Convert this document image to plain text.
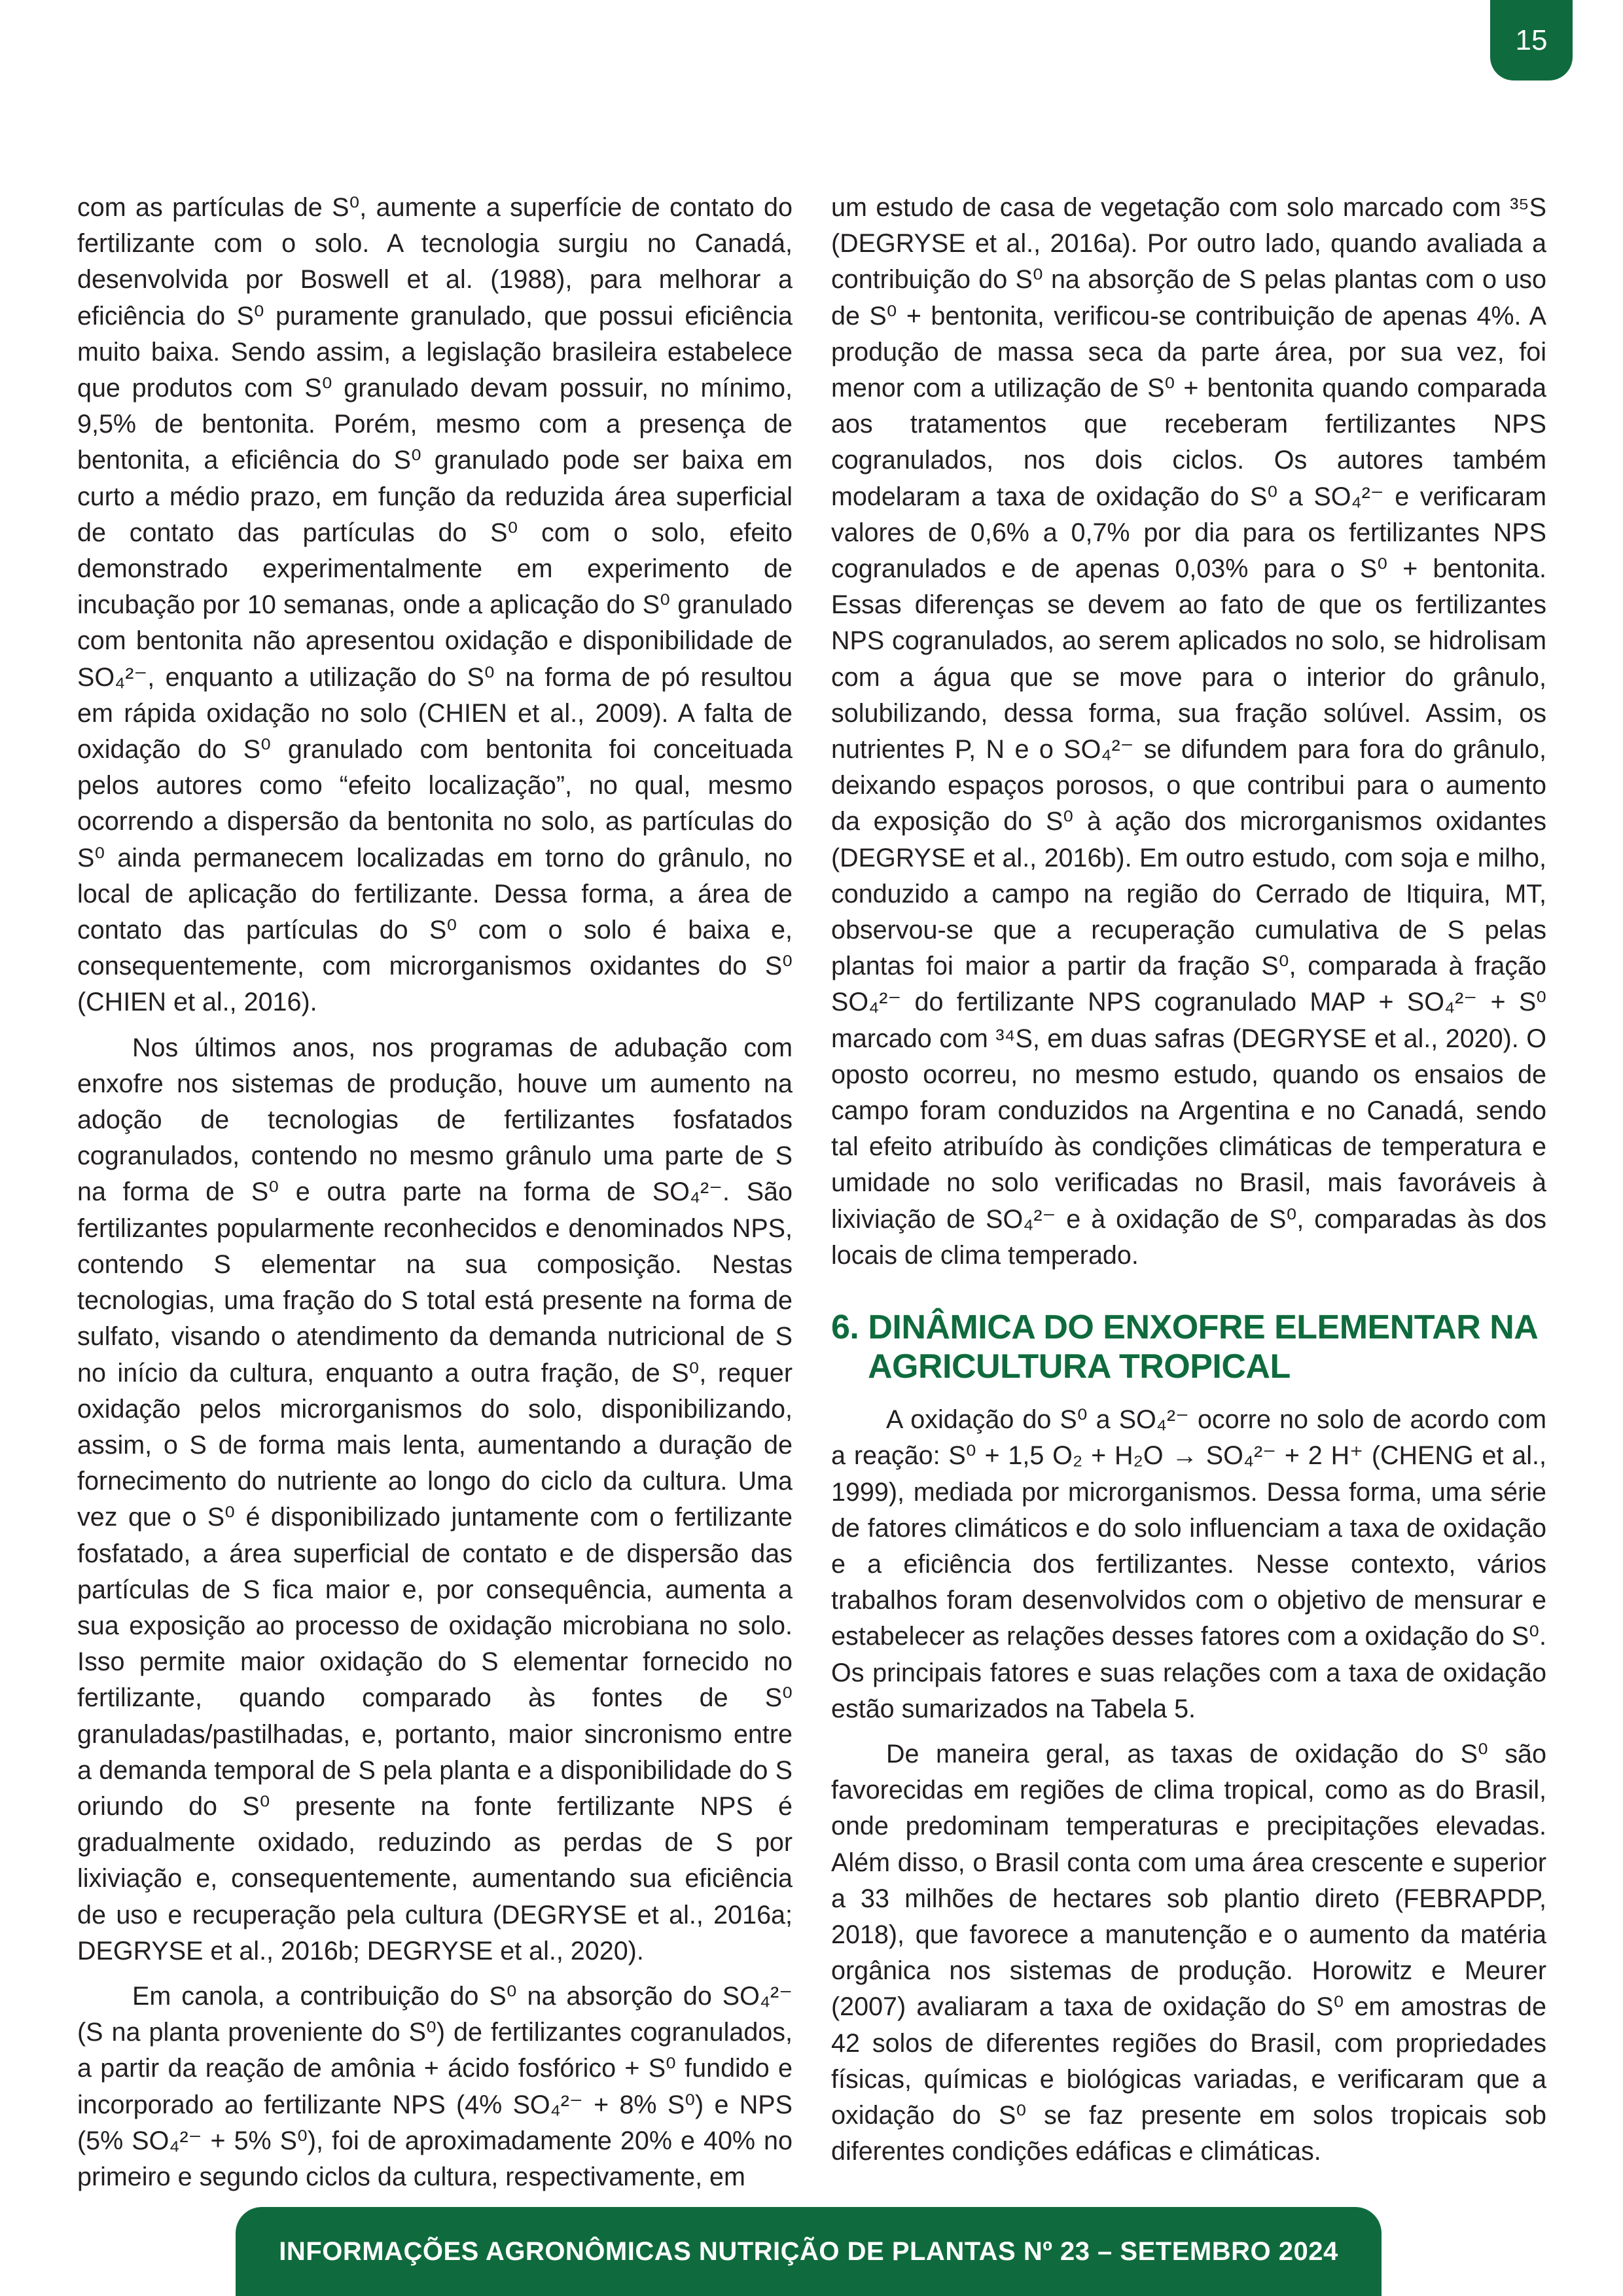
15

com as partículas de S⁰, aumente a superfície de contato do fertilizante com o solo. A tecnologia surgiu no Canadá, desenvolvida por Boswell et al. (1988), para melhorar a eficiência do S⁰ puramente granulado, que possui eficiência muito baixa. Sendo assim, a legislação brasileira estabelece que produtos com S⁰ granulado devam possuir, no mínimo, 9,5% de bentonita. Porém, mesmo com a presença de bentonita, a eficiência do S⁰ granulado pode ser baixa em curto a médio prazo, em função da reduzida área superficial de contato das partículas do S⁰ com o solo, efeito demonstrado experimentalmente em experimento de incubação por 10 semanas, onde a aplicação do S⁰ granulado com bentonita não apresentou oxidação e disponibilidade de SO₄²⁻, enquanto a utilização do S⁰ na forma de pó resultou em rápida oxidação no solo (CHIEN et al., 2009). A falta de oxidação do S⁰ granulado com bentonita foi conceituada pelos autores como “efeito localização”, no qual, mesmo ocorrendo a dispersão da bentonita no solo, as partículas do S⁰ ainda permanecem localizadas em torno do grânulo, no local de aplicação do fertilizante. Dessa forma, a área de contato das partículas do S⁰ com o solo é baixa e, consequentemente, com microrganismos oxidantes do S⁰ (CHIEN et al., 2016).

Nos últimos anos, nos programas de adubação com enxofre nos sistemas de produção, houve um aumento na adoção de tecnologias de fertilizantes fosfatados cogranulados, contendo no mesmo grânulo uma parte de S na forma de S⁰ e outra parte na forma de SO₄²⁻. São fertilizantes popularmente reconhecidos e denominados NPS, contendo S elementar na sua composição. Nestas tecnologias, uma fração do S total está presente na forma de sulfato, visando o atendimento da demanda nutricional de S no início da cultura, enquanto a outra fração, de S⁰, requer oxidação pelos microrganismos do solo, disponibilizando, assim, o S de forma mais lenta, aumentando a duração de fornecimento do nutriente ao longo do ciclo da cultura. Uma vez que o S⁰ é disponibilizado juntamente com o fertilizante fosfatado, a área superficial de contato e de dispersão das partículas de S fica maior e, por consequência, aumenta a sua exposição ao processo de oxidação microbiana no solo. Isso permite maior oxidação do S elementar fornecido no fertilizante, quando comparado às fontes de S⁰ granuladas/pastilhadas, e, portanto, maior sincronismo entre a demanda temporal de S pela planta e a disponibilidade do S oriundo do S⁰ presente na fonte fertilizante NPS é gradualmente oxidado, reduzindo as perdas de S por lixiviação e, consequentemente, aumentando sua eficiência de uso e recuperação pela cultura (DEGRYSE et al., 2016a; DEGRYSE et al., 2016b; DEGRYSE et al., 2020).

Em canola, a contribuição do S⁰ na absorção do SO₄²⁻ (S na planta proveniente do S⁰) de fertilizantes cogranulados, a partir da reação de amônia + ácido fosfórico + S⁰ fundido e incorporado ao fertilizante NPS (4% SO₄²⁻ + 8% S⁰) e NPS (5% SO₄²⁻ + 5% S⁰), foi de aproximadamente 20% e 40% no primeiro e segundo ciclos da cultura, respectivamente, em

um estudo de casa de vegetação com solo marcado com ³⁵S (DEGRYSE et al., 2016a). Por outro lado, quando avaliada a contribuição do S⁰ na absorção de S pelas plantas com o uso de S⁰ + bentonita, verificou-se contribuição de apenas 4%. A produção de massa seca da parte área, por sua vez, foi menor com a utilização de S⁰ + bentonita quando comparada aos tratamentos que receberam fertilizantes NPS cogranulados, nos dois ciclos. Os autores também modelaram a taxa de oxidação do S⁰ a SO₄²⁻ e verificaram valores de 0,6% a 0,7% por dia para os fertilizantes NPS cogranulados e de apenas 0,03% para o S⁰ + bentonita. Essas diferenças se devem ao fato de que os fertilizantes NPS cogranulados, ao serem aplicados no solo, se hidrolisam com a água que se move para o interior do grânulo, solubilizando, dessa forma, sua fração solúvel. Assim, os nutrientes P, N e o SO₄²⁻ se difundem para fora do grânulo, deixando espaços porosos, o que contribui para o aumento da exposição do S⁰ à ação dos microrganismos oxidantes (DEGRYSE et al., 2016b). Em outro estudo, com soja e milho, conduzido a campo na região do Cerrado de Itiquira, MT, observou-se que a recuperação cumulativa de S pelas plantas foi maior a partir da fração S⁰, comparada à fração SO₄²⁻ do fertilizante NPS cogranulado MAP + SO₄²⁻ + S⁰ marcado com ³⁴S, em duas safras (DEGRYSE et al., 2020). O oposto ocorreu, no mesmo estudo, quando os ensaios de campo foram conduzidos na Argentina e no Canadá, sendo tal efeito atribuído às condições climáticas de temperatura e umidade no solo verificadas no Brasil, mais favoráveis à lixiviação de SO₄²⁻ e à oxidação de S⁰, comparadas às dos locais de clima temperado.

6. DINÂMICA DO ENXOFRE ELEMENTAR NA
AGRICULTURA TROPICAL

A oxidação do S⁰ a SO₄²⁻ ocorre no solo de acordo com a reação: S⁰ + 1,5 O₂ + H₂O → SO₄²⁻ + 2 H⁺ (CHENG et al., 1999), mediada por microrganismos. Dessa forma, uma série de fatores climáticos e do solo influenciam a taxa de oxidação e a eficiência dos fertilizantes. Nesse contexto, vários trabalhos foram desenvolvidos com o objetivo de mensurar e estabelecer as relações desses fatores com a oxidação do S⁰. Os principais fatores e suas relações com a taxa de oxidação estão sumarizados na Tabela 5.

De maneira geral, as taxas de oxidação do S⁰ são favorecidas em regiões de clima tropical, como as do Brasil, onde predominam temperaturas e precipitações elevadas. Além disso, o Brasil conta com uma área crescente e superior a 33 milhões de hectares sob plantio direto (FEBRAPDP, 2018), que favorece a manutenção e o aumento da matéria orgânica nos sistemas de produção. Horowitz e Meurer (2007) avaliaram a taxa de oxidação do S⁰ em amostras de 42 solos de diferentes regiões do Brasil, com propriedades físicas, químicas e biológicas variadas, e verificaram que a oxidação do S⁰ se faz presente em solos tropicais sob diferentes condições edáficas e climáticas.

INFORMAÇÕES AGRONÔMICAS NUTRIÇÃO DE PLANTAS Nº 23 – SETEMBRO 2024
